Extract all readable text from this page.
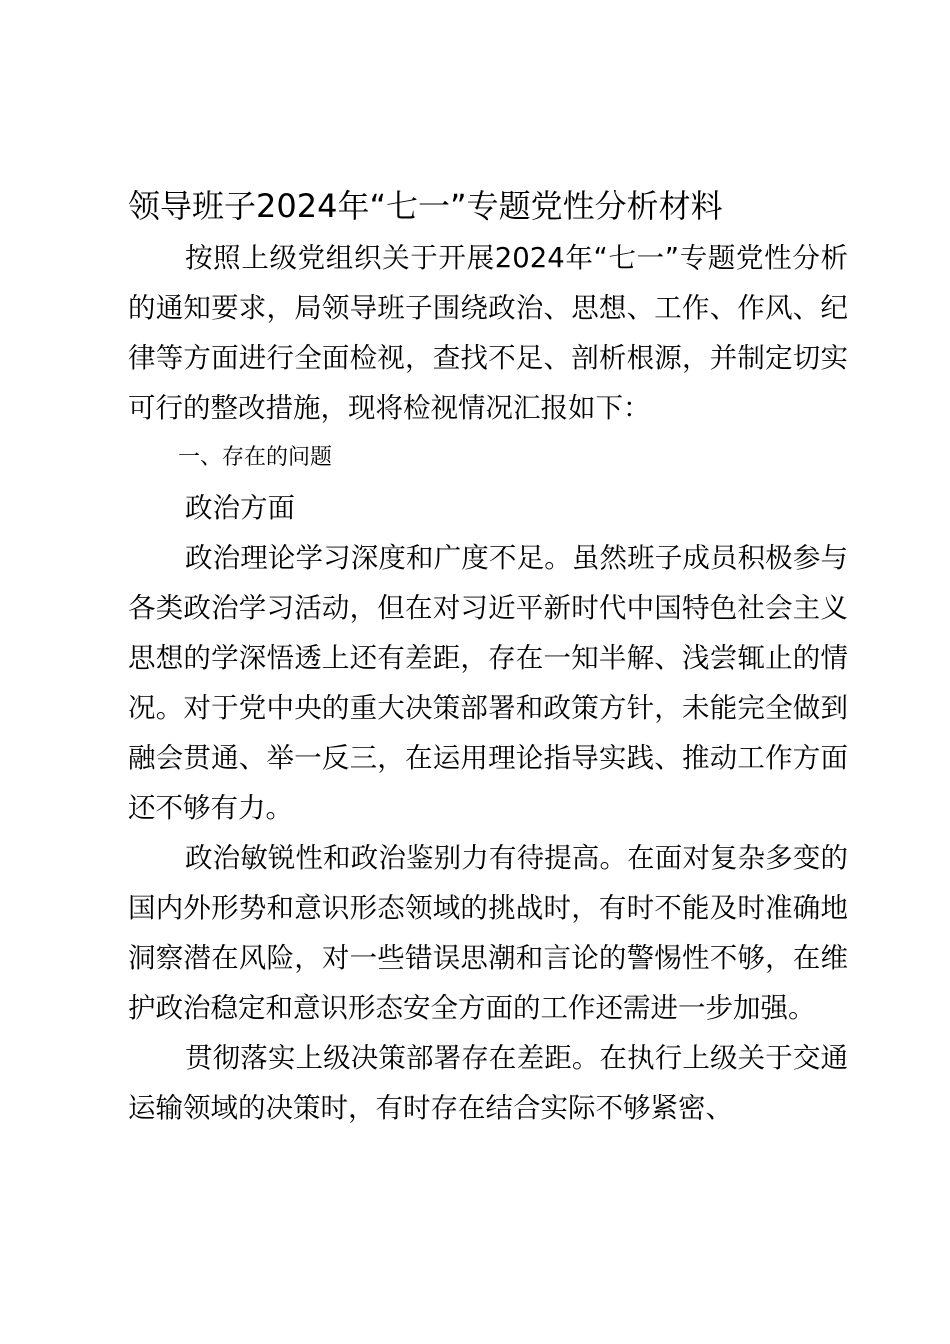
领导班子2024年“七一”专题党性分析材料

按照上级党组织关于开展2024年“七一”专题党性分析的通知要求，局领导班子围绕政治、思想、工作、作风、纪律等方面进行全面检视，查找不足、剖析根源，并制定切实可行的整改措施，现将检视情况汇报如下：

一、存在的问题

政治方面

政治理论学习深度和广度不足。虽然班子成员积极参与各类政治学习活动，但在对习近平新时代中国特色社会主义思想的学深悟透上还有差距，存在一知半解、浅尝辄止的情况。对于党中央的重大决策部署和政策方针，未能完全做到融会贯通、举一反三，在运用理论指导实践、推动工作方面还不够有力。

政治敏锐性和政治鉴别力有待提高。在面对复杂多变的国内外形势和意识形态领域的挑战时，有时不能及时准确地洞察潜在风险，对一些错误思潮和言论的警惕性不够，在维护政治稳定和意识形态安全方面的工作还需进一步加强。

贯彻落实上级决策部署存在差距。在执行上级关于交通运输领域的决策时，有时存在结合实际不够紧密、
